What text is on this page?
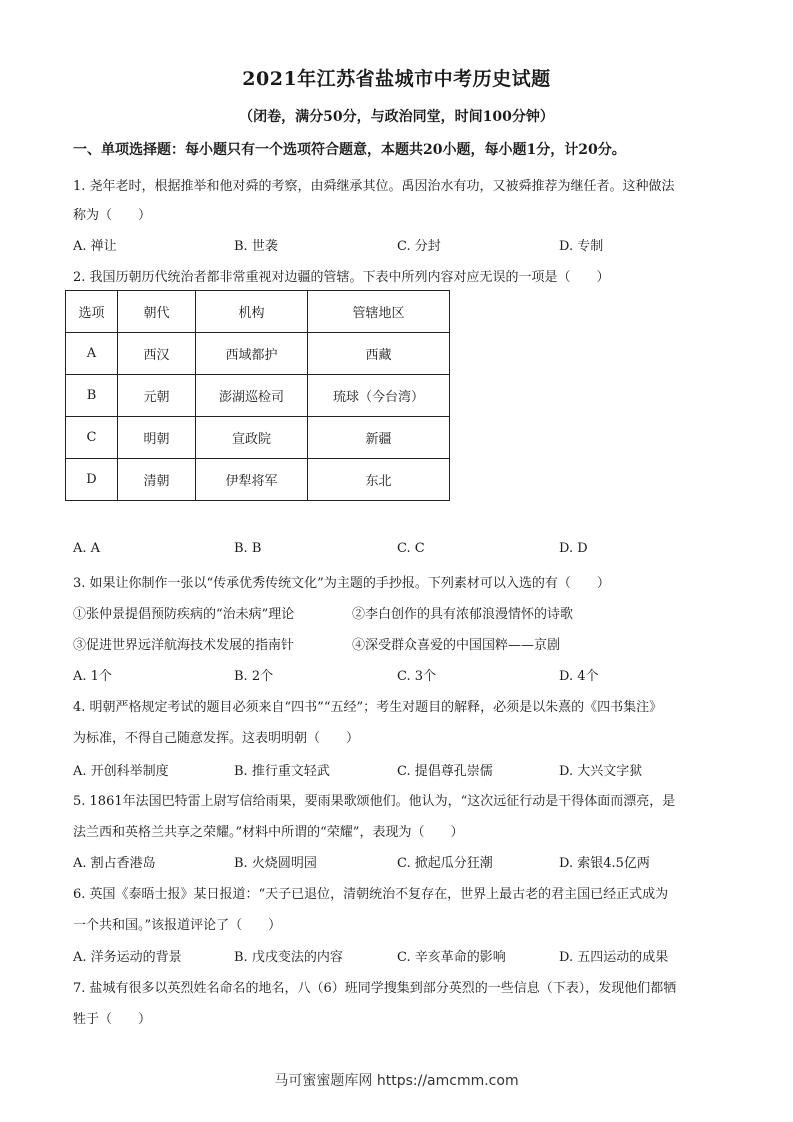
2021年江苏省盐城市中考历史试题
（闭卷，满分50分，与政治同堂，时间100分钟）
一、单项选择题：每小题只有一个选项符合题意，本题共20小题，每小题1分，计20分。
1. 尧年老时，根据推举和他对舜的考察，由舜继承其位。禹因治水有功，又被舜推荐为继任者。这种做法
称为（　　）
A. 禅让	B. 世袭	C. 分封	D. 专制
2. 我国历朝历代统治者都非常重视对边疆的管辖。下表中所列内容对应无误的一项是（　　）
选项	朝代	机构	管辖地区
A	西汉	西域都护	西藏
B	元朝	澎湖巡检司	琉球（今台湾）
C	明朝	宣政院	新疆
D	清朝	伊犁将军	东北
A. A	B. B	C. C	D. D
3. 如果让你制作一张以“传承优秀传统文化”为主题的手抄报。下列素材可以入选的有（　　）
①张仲景提倡预防疾病的“治未病”理论	②李白创作的具有浓郁浪漫情怀的诗歌
③促进世界远洋航海技术发展的指南针	④深受群众喜爱的中国国粹——京剧
A. 1个	B. 2个	C. 3个	D. 4个
4. 明朝严格规定考试的题目必须来自“四书”“五经”；考生对题目的解释，必须是以朱熹的《四书集注》
为标准，不得自己随意发挥。这表明明朝（　　）
A. 开创科举制度	B. 推行重文轻武	C. 提倡尊孔崇儒	D. 大兴文字狱
5. 1861年法国巴特雷上尉写信给雨果，要雨果歌颂他们。他认为，“这次远征行动是干得体面而漂亮，是
法兰西和英格兰共享之荣耀。”材料中所谓的“荣耀”，表现为（　　）
A. 割占香港岛	B. 火烧圆明园	C. 掀起瓜分狂潮	D. 索银4.5亿两
6. 英国《泰晤士报》某日报道：“天子已退位，清朝统治不复存在，世界上最古老的君主国已经正式成为
一个共和国。”该报道评论了（　　）
A. 洋务运动的背景	B. 戊戌变法的内容	C. 辛亥革命的影响	D. 五四运动的成果
7. 盐城有很多以英烈姓名命名的地名，八（6）班同学搜集到部分英烈的一些信息（下表），发现他们都牺
牲于（　　）
马可蜜蜜题库网 https://amcmm.com
